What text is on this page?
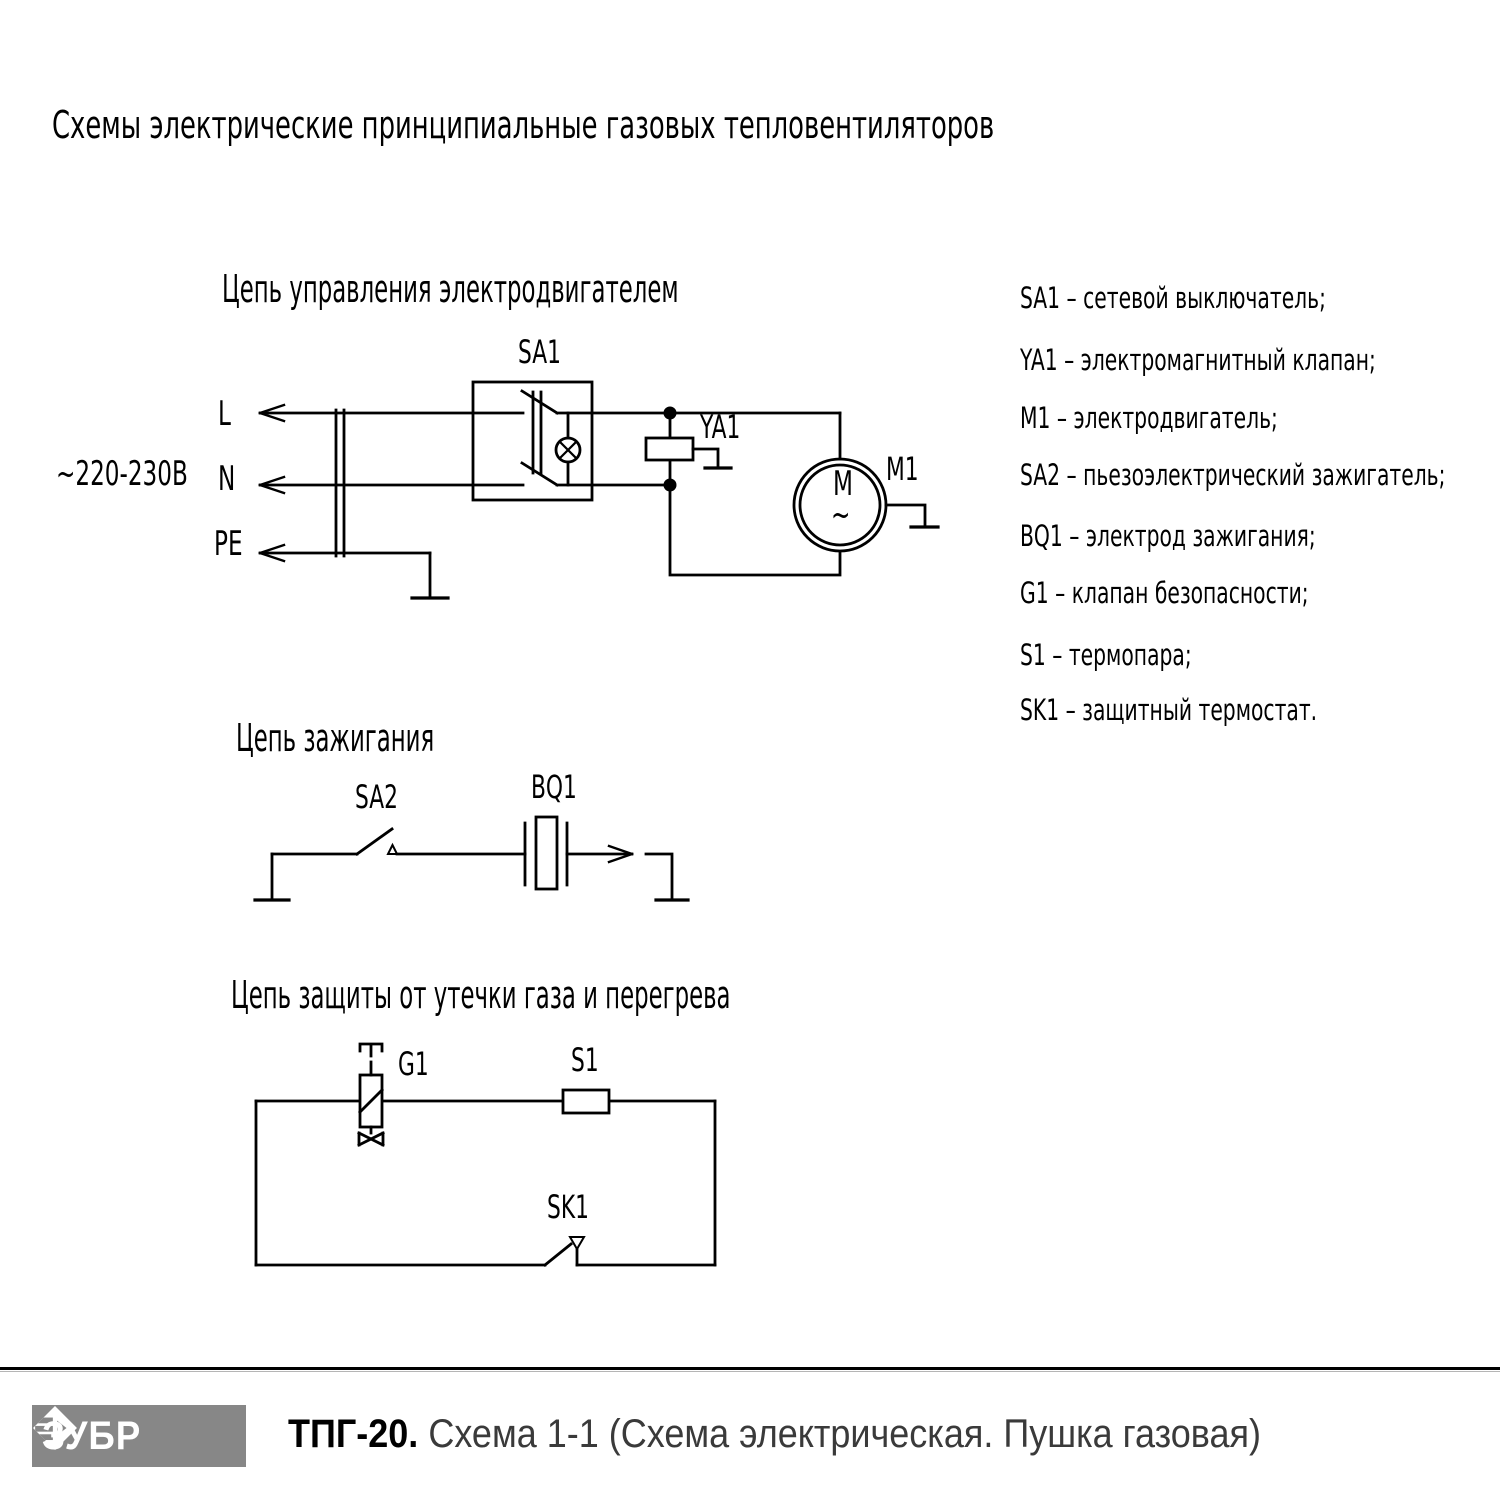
Схемы электрические принципиальные газовых тепловентиляторов
Цепь управления электродвигателем
~220-230В
L
N
PE
SA1
YA1
M1
M
~
SA1 – сетевой выключатель;
YA1 – электромагнитный клапан;
M1 – электродвигатель;
SA2 – пьезоэлектрический зажигатель;
BQ1 – электрод зажигания;
G1 – клапан безопасности;
S1 – термопара;
SK1 – защитный термостат.
Цепь зажигания
SA2	BQ1
Цепь защиты от утечки газа и перегрева
G1	S1
SK1
ЗУБР	ТПГ-20. Схема 1-1 (Схема электрическая. Пушка газовая)
